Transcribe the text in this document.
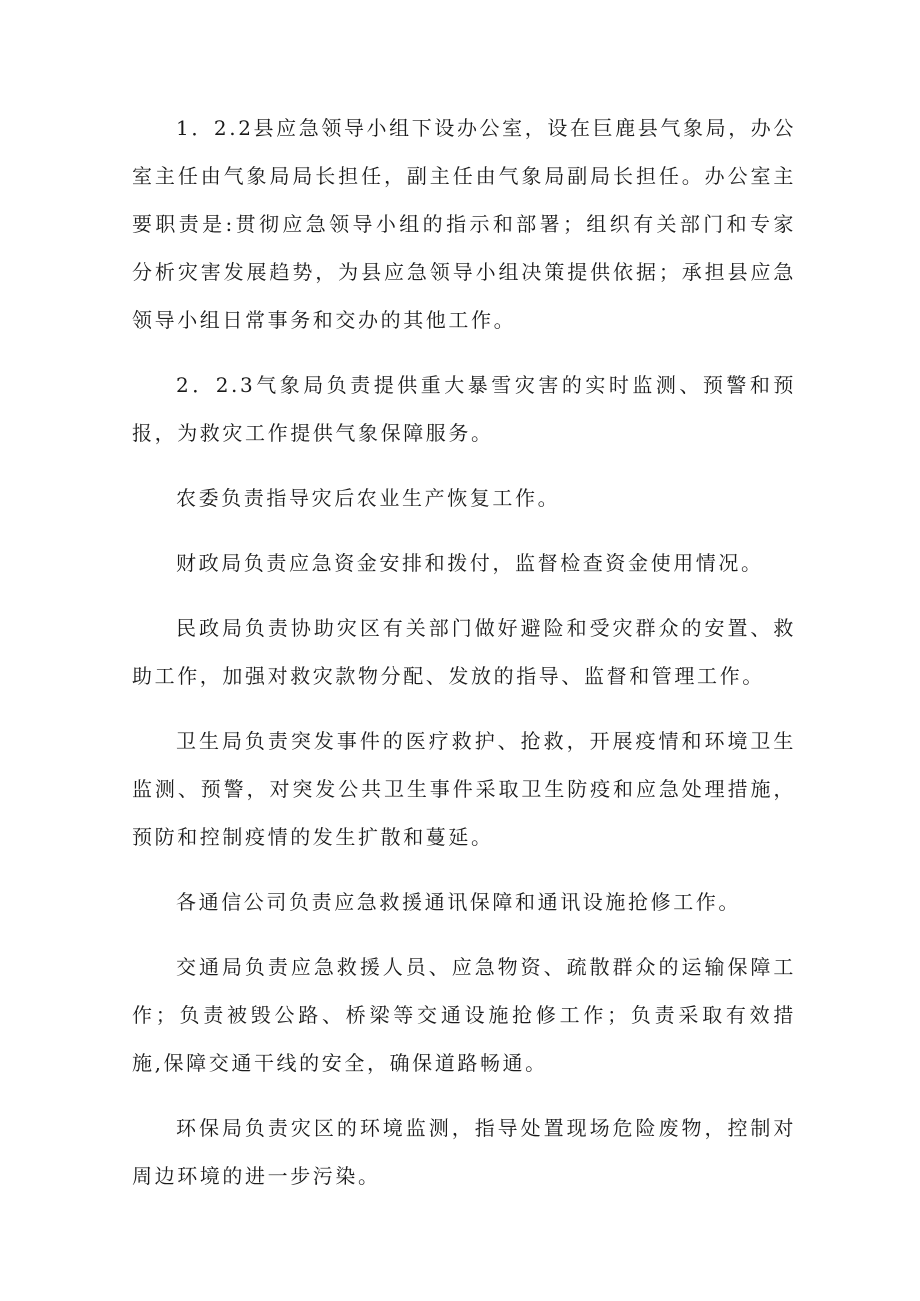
1．2.2县应急领导小组下设办公室，设在巨鹿县气象局，办公室主任由气象局局长担任，副主任由气象局副局长担任。办公室主要职责是:贯彻应急领导小组的指示和部署；组织有关部门和专家分析灾害发展趋势，为县应急领导小组决策提供依据；承担县应急领导小组日常事务和交办的其他工作。

2．2.3气象局负责提供重大暴雪灾害的实时监测、预警和预报，为救灾工作提供气象保障服务。

农委负责指导灾后农业生产恢复工作。

财政局负责应急资金安排和拨付，监督检查资金使用情况。

民政局负责协助灾区有关部门做好避险和受灾群众的安置、救助工作，加强对救灾款物分配、发放的指导、监督和管理工作。

卫生局负责突发事件的医疗救护、抢救，开展疫情和环境卫生监测、预警，对突发公共卫生事件采取卫生防疫和应急处理措施，预防和控制疫情的发生扩散和蔓延。

各通信公司负责应急救援通讯保障和通讯设施抢修工作。

交通局负责应急救援人员、应急物资、疏散群众的运输保障工作；负责被毁公路、桥梁等交通设施抢修工作；负责采取有效措施,保障交通干线的安全，确保道路畅通。

环保局负责灾区的环境监测，指导处置现场危险废物，控制对周边环境的进一步污染。
